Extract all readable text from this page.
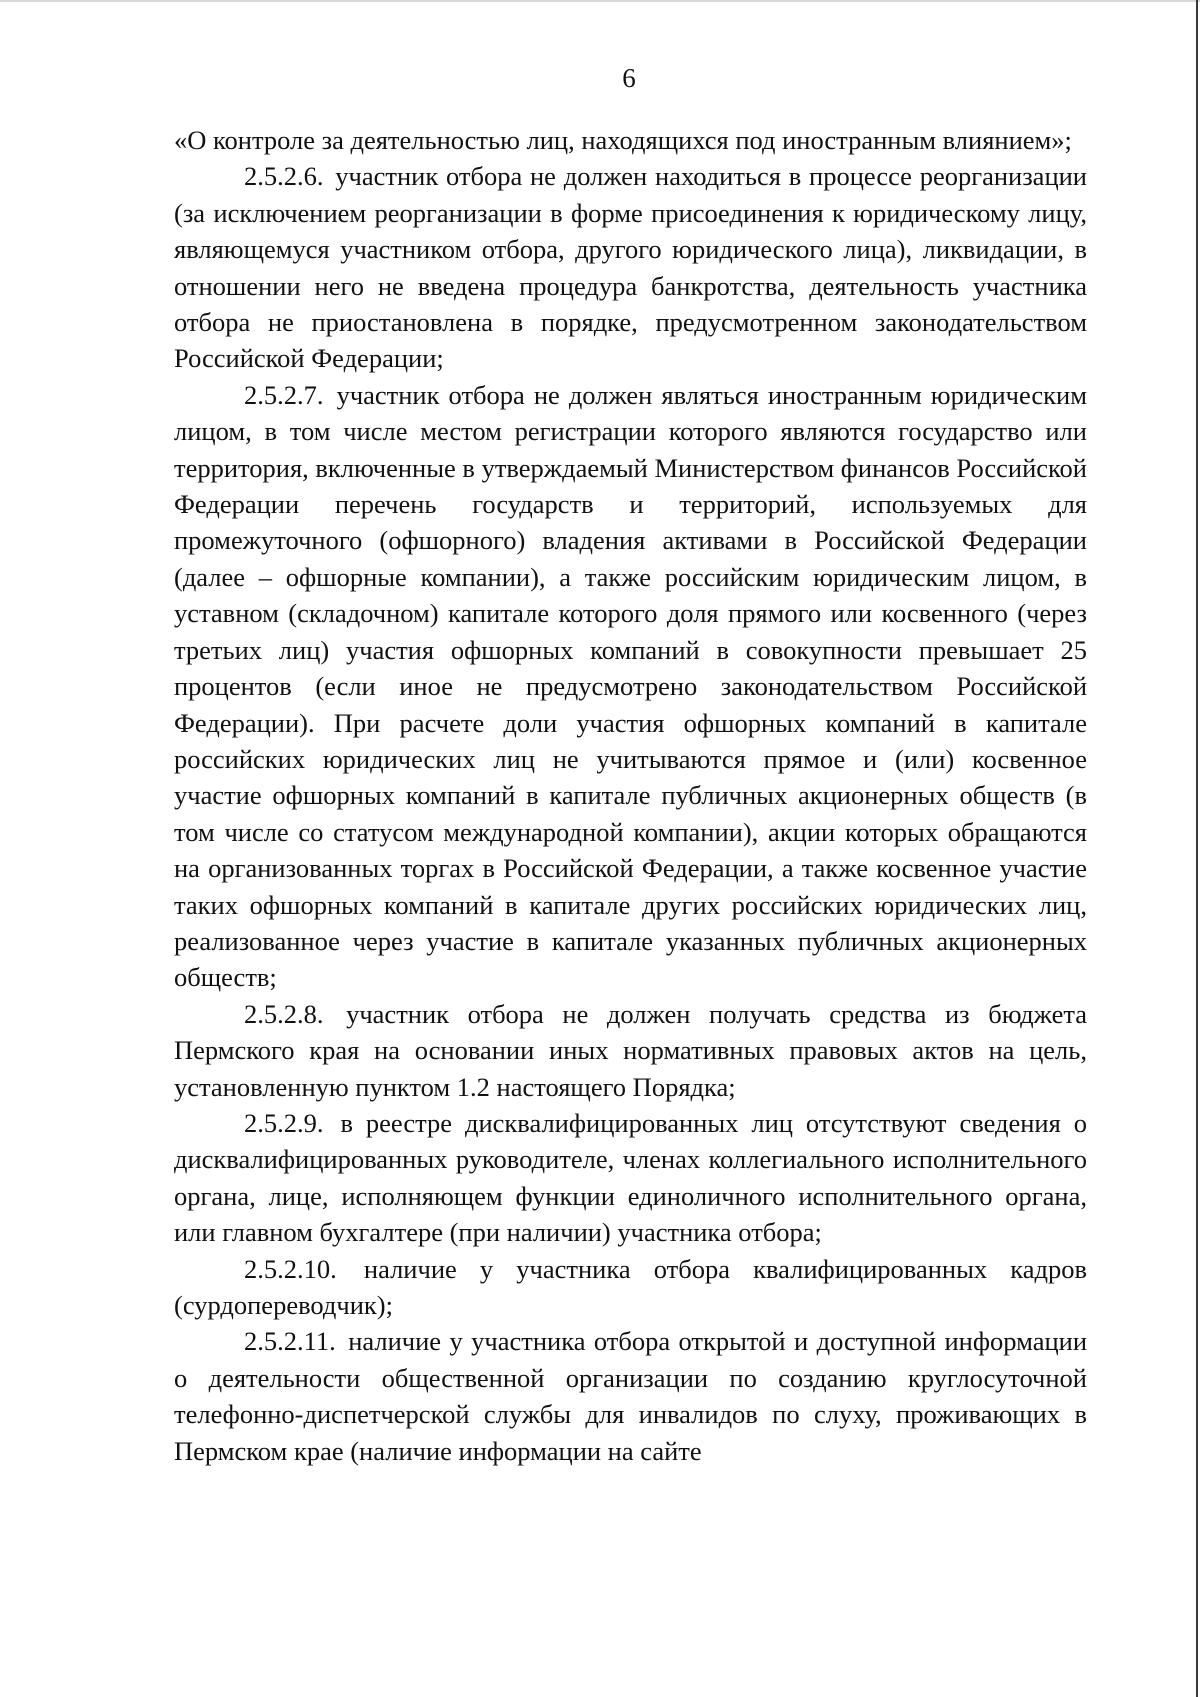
6

«О контроле за деятельностью лиц, находящихся под иностранным влиянием»;

2.5.2.6. участник отбора не должен находиться в процессе реорганизации (за исключением реорганизации в форме присоединения к юридическому лицу, являющемуся участником отбора, другого юридического лица), ликвидации, в отношении него не введена процедура банкротства, деятельность участника отбора не приостановлена в порядке, предусмотренном законодательством Российской Федерации;

2.5.2.7. участник отбора не должен являться иностранным юридическим лицом, в том числе местом регистрации которого являются государство или территория, включенные в утверждаемый Министерством финансов Российской Федерации перечень государств и территорий, используемых для промежуточного (офшорного) владения активами в Российской Федерации (далее – офшорные компании), а также российским юридическим лицом, в уставном (складочном) капитале которого доля прямого или косвенного (через третьих лиц) участия офшорных компаний в совокупности превышает 25 процентов (если иное не предусмотрено законодательством Российской Федерации). При расчете доли участия офшорных компаний в капитале российских юридических лиц не учитываются прямое и (или) косвенное участие офшорных компаний в капитале публичных акционерных обществ (в том числе со статусом международной компании), акции которых обращаются на организованных торгах в Российской Федерации, а также косвенное участие таких офшорных компаний в капитале других российских юридических лиц, реализованное через участие в капитале указанных публичных акционерных обществ;

2.5.2.8. участник отбора не должен получать средства из бюджета Пермского края на основании иных нормативных правовых актов на цель, установленную пунктом 1.2 настоящего Порядка;

2.5.2.9. в реестре дисквалифицированных лиц отсутствуют сведения о дисквалифицированных руководителе, членах коллегиального исполнительного органа, лице, исполняющем функции единоличного исполнительного органа, или главном бухгалтере (при наличии) участника отбора;

2.5.2.10. наличие у участника отбора квалифицированных кадров (сурдопереводчик);

2.5.2.11. наличие у участника отбора открытой и доступной информации о деятельности общественной организации по созданию круглосуточной телефонно-диспетчерской службы для инвалидов по слуху, проживающих в Пермском крае (наличие информации на сайте
